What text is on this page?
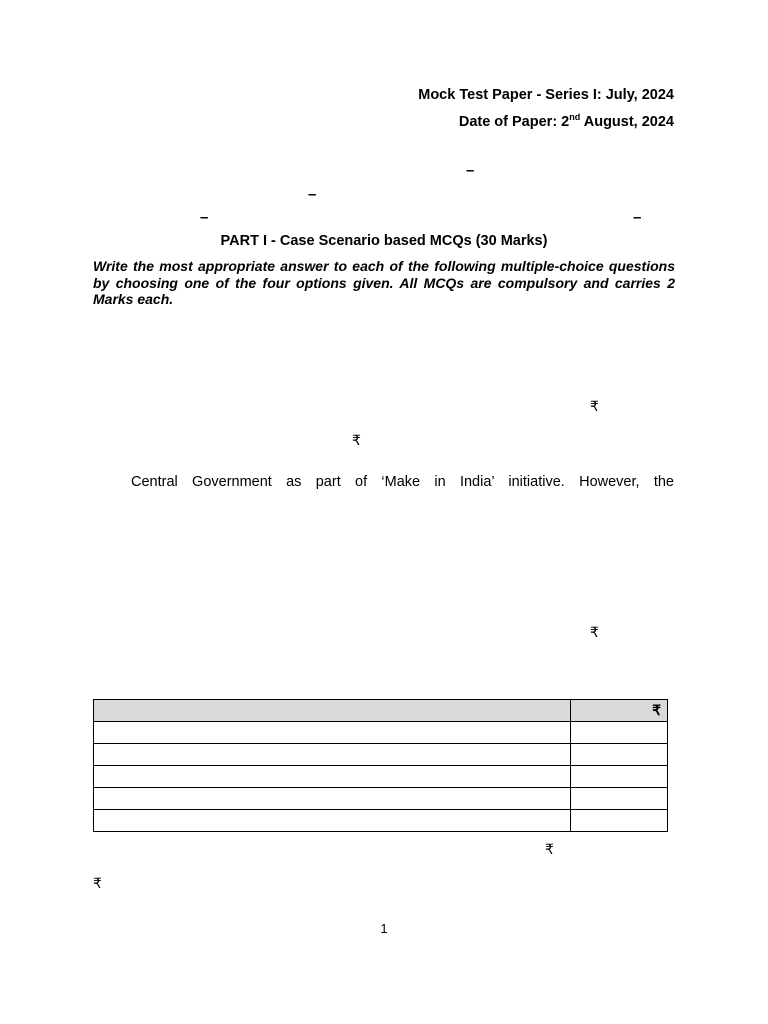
Mock Test Paper - Series I: July, 2024
Date of Paper: 2nd August, 2024
–
–
–	–
PART I - Case Scenario based MCQs (30 Marks)
Write the most appropriate answer to each of the following multiple-choice questions by choosing one of the four options given. All MCQs are compulsory and carries 2 Marks each.
₹
₹
Central Government as part of ‘Make in India’ initiative. However, the
₹
	₹

₹
₹
1
